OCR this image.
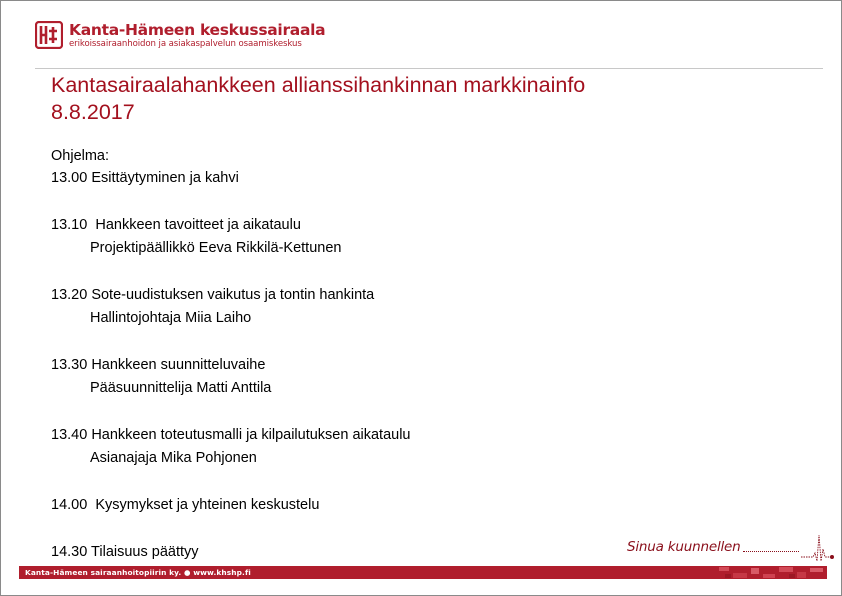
Kanta-Hämeen keskussairaala
erikoissairaanhoidon ja asiakaspalvelun osaamiskeskus
Kantasairaalahankkeen allianssihankinnan markkinainfo
8.8.2017
Ohjelma:
13.00 Esittäytyminen ja kahvi
13.10  Hankkeen tavoitteet ja aikataulu
Projektipäällikkö Eeva Rikkilä-Kettunen
13.20 Sote-uudistuksen vaikutus ja tontin hankinta
Hallintojohtaja Miia Laiho
13.30 Hankkeen suunnitteluvaihe
Pääsuunnittelija Matti Anttila
13.40 Hankkeen toteutusmalli ja kilpailutuksen aikataulu
Asianajaja Mika Pohjonen
14.00  Kysymykset ja yhteinen keskustelu
14.30 Tilaisuus päättyy	Sinua kuunnellen
Kanta-Hämeen sairaanhoitopiirin ky. ● www.khshp.fi
